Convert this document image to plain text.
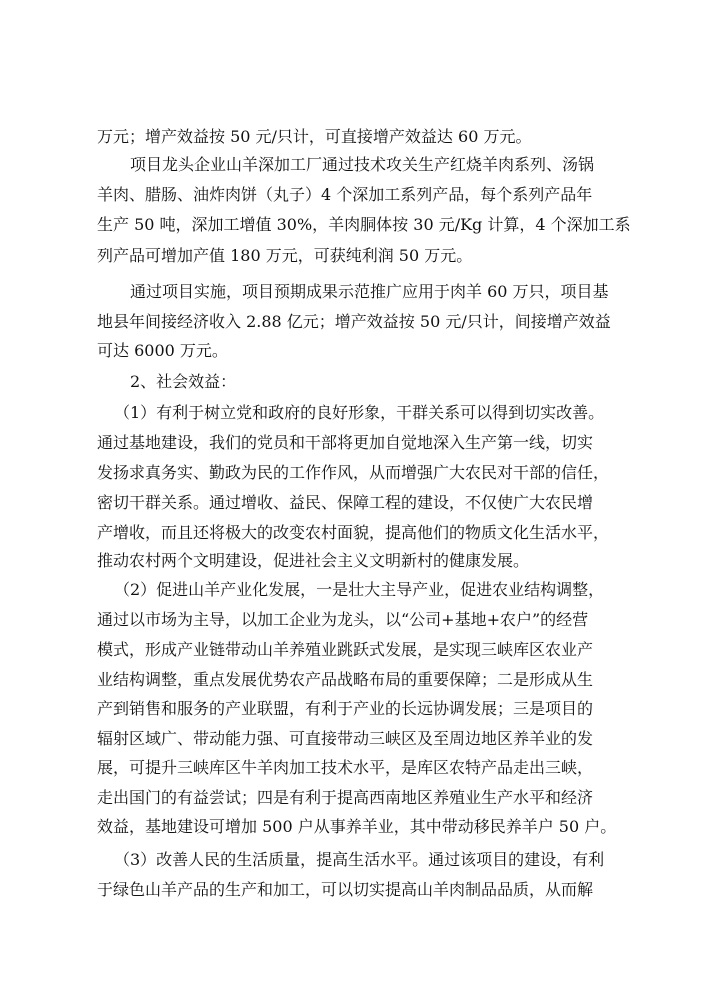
万元；增产效益按 50 元/只计，可直接增产效益达 60 万元。
项目龙头企业山羊深加工厂通过技术攻关生产红烧羊肉系列、汤锅
羊肉、腊肠、油炸肉饼（丸子）4 个深加工系列产品，每个系列产品年
生产 50 吨，深加工增值 30%，羊肉胴体按 30 元/Kg 计算，4 个深加工系
列产品可增加产值 180 万元，可获纯利润 50 万元。
通过项目实施，项目预期成果示范推广应用于肉羊 60 万只，项目基
地县年间接经济收入 2.88 亿元；增产效益按 50 元/只计，间接增产效益
可达 6000 万元。
2、社会效益：
（1）有利于树立党和政府的良好形象，干群关系可以得到切实改善。
通过基地建设，我们的党员和干部将更加自觉地深入生产第一线，切实
发扬求真务实、勤政为民的工作作风，从而增强广大农民对干部的信任，
密切干群关系。通过增收、益民、保障工程的建设，不仅使广大农民增
产增收，而且还将极大的改变农村面貌，提高他们的物质文化生活水平，
推动农村两个文明建设，促进社会主义文明新村的健康发展。
（2）促进山羊产业化发展，一是壮大主导产业，促进农业结构调整，
通过以市场为主导，以加工企业为龙头，以“公司+基地+农户”的经营
模式，形成产业链带动山羊养殖业跳跃式发展，是实现三峡库区农业产
业结构调整，重点发展优势农产品战略布局的重要保障；二是形成从生
产到销售和服务的产业联盟，有利于产业的长远协调发展；三是项目的
辐射区域广、带动能力强、可直接带动三峡区及至周边地区养羊业的发
展，可提升三峡库区牛羊肉加工技术水平，是库区农特产品走出三峡，
走出国门的有益尝试；四是有利于提高西南地区养殖业生产水平和经济
效益，基地建设可增加 500 户从事养羊业，其中带动移民养羊户 50 户。
（3）改善人民的生活质量，提高生活水平。通过该项目的建设，有利
于绿色山羊产品的生产和加工，可以切实提高山羊肉制品品质，从而解
